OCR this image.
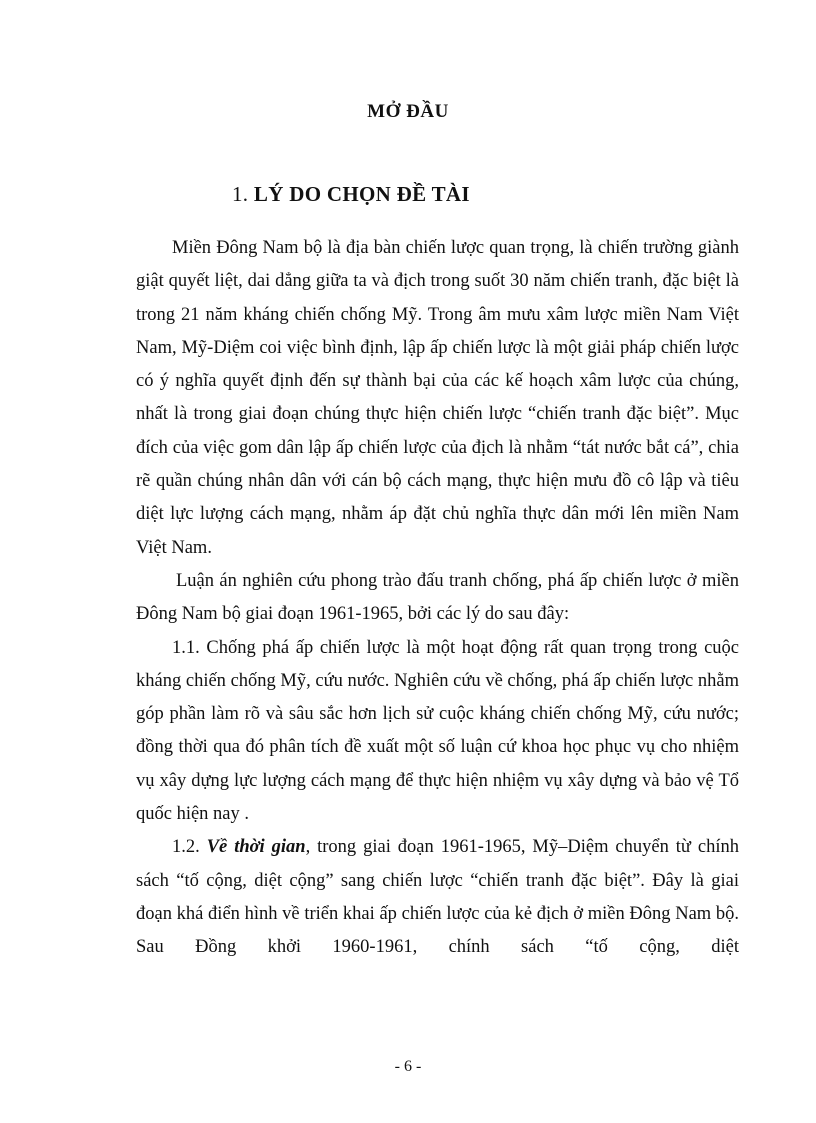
MỞ ĐẦU
1. LÝ DO CHỌN ĐỀ TÀI

Miền Đông Nam bộ là địa bàn chiến lược quan trọng, là chiến trường giành giật quyết liệt, dai dẳng giữa ta và địch trong suốt 30 năm chiến tranh, đặc biệt là trong 21 năm kháng chiến chống Mỹ. Trong âm mưu xâm lược miền Nam Việt Nam, Mỹ-Diệm coi việc bình định, lập ấp chiến lược là một giải pháp chiến lược có ý nghĩa quyết định đến sự thành bại của các kế hoạch xâm lược của chúng, nhất là trong giai đoạn chúng thực hiện chiến lược “chiến tranh đặc biệt”. Mục đích của việc gom dân lập ấp chiến lược của địch là nhằm “tát nước bắt cá”, chia rẽ quần chúng nhân dân với cán bộ cách mạng, thực hiện mưu đồ cô lập và tiêu diệt lực lượng cách mạng, nhằm áp đặt chủ nghĩa thực dân mới lên miền Nam Việt Nam.

Luận án nghiên cứu phong trào đấu tranh chống, phá ấp chiến lược ở miền Đông Nam bộ giai đoạn 1961-1965, bởi các lý do sau đây:

1.1. Chống phá ấp chiến lược là một hoạt động rất quan trọng trong cuộc kháng chiến chống Mỹ, cứu nước. Nghiên cứu về chống, phá ấp chiến lược nhằm góp phần làm rõ và sâu sắc hơn lịch sử cuộc kháng chiến chống Mỹ, cứu nước; đồng thời qua đó phân tích đề xuất một số luận cứ khoa học phục vụ cho nhiệm vụ xây dựng lực lượng cách mạng để thực hiện nhiệm vụ xây dựng và bảo vệ Tổ quốc hiện nay .

1.2. Về thời gian, trong giai đoạn 1961-1965, Mỹ–Diệm chuyển từ chính sách “tố cộng, diệt cộng” sang chiến lược “chiến tranh đặc biệt”. Đây là giai đoạn khá điển hình về triển khai ấp chiến lược của kẻ địch ở miền Đông Nam bộ. Sau Đồng khởi 1960-1961, chính sách “tố cộng, diệt

- 6 -
